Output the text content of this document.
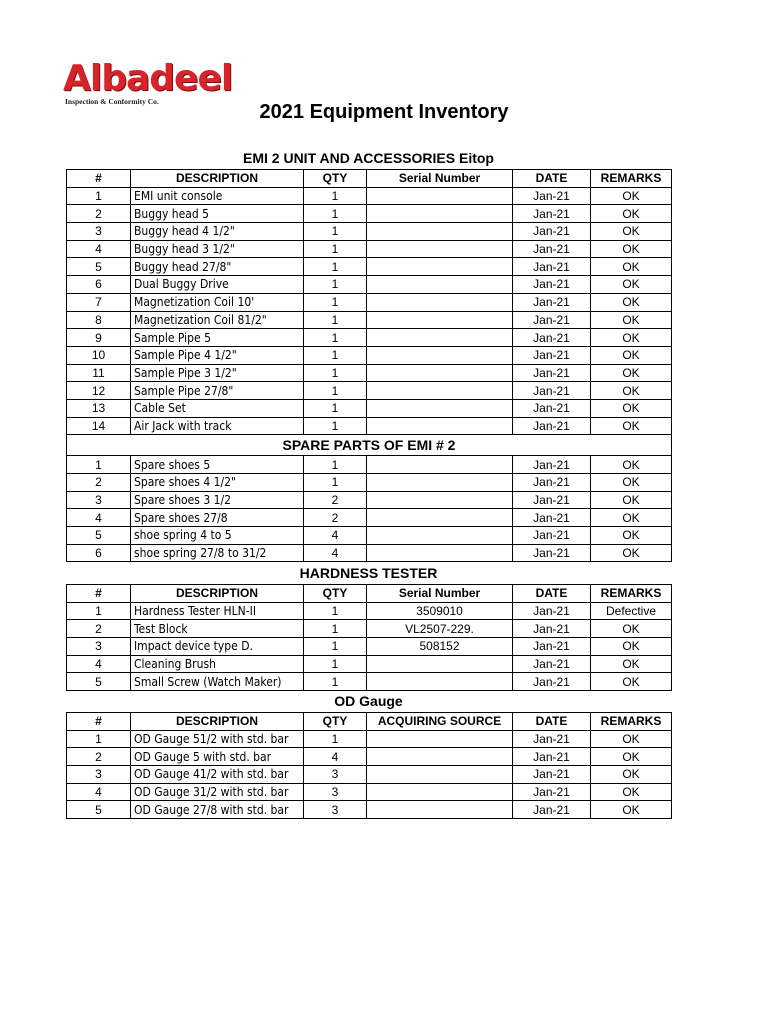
Albadeel
Inspection & Conformity Co.	2021 Equipment Inventory
EMI 2 UNIT AND ACCESSORIES Eitop
#	DESCRIPTION	QTY	Serial Number	DATE	REMARKS
1	EMI unit console	1		Jan-21	OK
2	Buggy head 5	1		Jan-21	OK
3	Buggy head 4 1/2"	1		Jan-21	OK
4	Buggy head 3 1/2"	1		Jan-21	OK
5	Buggy head 27/8"	1		Jan-21	OK
6	Dual Buggy Drive	1		Jan-21	OK
7	Magnetization Coil 10'	1		Jan-21	OK
8	Magnetization Coil 81/2"	1		Jan-21	OK
9	Sample Pipe 5	1		Jan-21	OK
10	Sample Pipe 4 1/2"	1		Jan-21	OK
11	Sample Pipe 3 1/2"	1		Jan-21	OK
12	Sample Pipe 27/8"	1		Jan-21	OK
13	Cable Set	1		Jan-21	OK
14	Air Jack with track	1		Jan-21	OK
SPARE PARTS OF EMI # 2					
1	Spare shoes 5	1		Jan-21	OK
2	Spare shoes 4 1/2"	1		Jan-21	OK
3	Spare shoes 3 1/2	2		Jan-21	OK
4	Spare shoes 27/8	2		Jan-21	OK
5	shoe spring 4 to 5	4		Jan-21	OK
6	shoe spring 27/8 to 31/2	4		Jan-21	OK
HARDNESS TESTER
#	DESCRIPTION	QTY	Serial Number	DATE	REMARKS
1	Hardness Tester HLN-II	1	3509010	Jan-21	Defective
2	Test Block	1	VL2507-229.	Jan-21	OK
3	Impact device type D.	1	508152	Jan-21	OK
4	Cleaning Brush	1		Jan-21	OK
5	Small Screw (Watch Maker)	1		Jan-21	OK
OD Gauge
#	DESCRIPTION	QTY	ACQUIRING SOURCE	DATE	REMARKS
1	OD Gauge 51/2 with std. bar	1		Jan-21	OK
2	OD Gauge 5 with std. bar	4		Jan-21	OK
3	OD Gauge 41/2 with std. bar	3		Jan-21	OK
4	OD Gauge 31/2 with std. bar	3		Jan-21	OK
5	OD Gauge 27/8 with std. bar	3		Jan-21	OK
